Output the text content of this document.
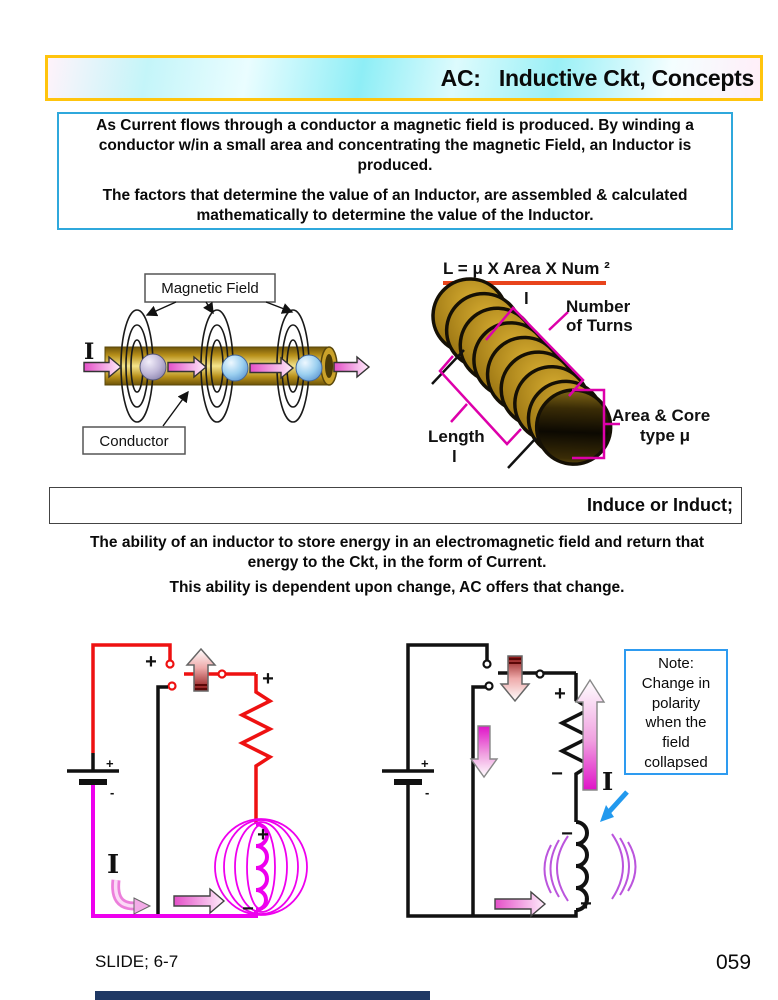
AC:   Inductive Ckt, Concepts

As Current flows through a conductor a magnetic field is produced. By winding a conductor w/in a small area and concentrating the magnetic Field, an Inductor is produced.

The factors that determine the value of an Inductor, are assembled & calculated mathematically to determine the value of the Inductor.

I
Magnetic Field
Conductor
L = μ X Area X Num ²
l Number
of Turns
Length
l
Area & Core
type μ
Induce or Induct;

The ability of an inductor to store energy in an electromagnetic field and return that energy to the Ckt, in the form of Current.

This ability is dependent upon change, AC offers that change.

+
-
+
+
+
−
I
+
-
+
−
−
+
I
Note:
Change in
polarity
when the
field
collapsed
SLIDE; 6-7	059
